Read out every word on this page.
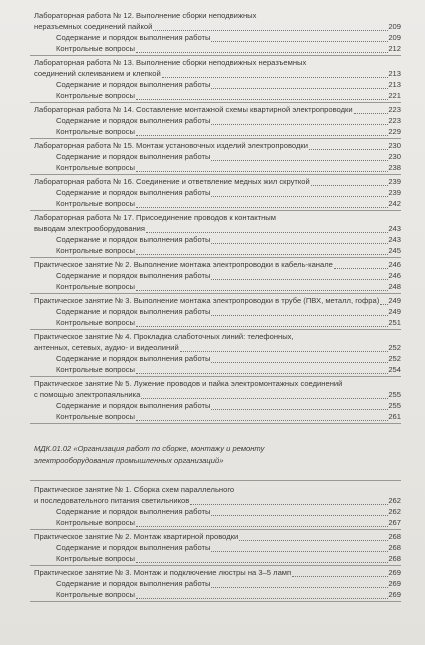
Лабораторная работа № 12. Выполнение сборки неподвижных
неразъемных соединений пайкой	209
Содержание и порядок выполнения работы	209
Контрольные вопросы	212
Лабораторная работа № 13. Выполнение сборки неподвижных неразъемных
соединений склеиванием и клепкой	213
Содержание и порядок выполнения работы	213
Контрольные вопросы	221
Лабораторная работа № 14. Составление монтажной схемы квартирной электропроводки	223
Содержание и порядок выполнения работы	223
Контрольные вопросы	229
Лабораторная работа № 15. Монтаж установочных изделий электропроводки	230
Содержание и порядок выполнения работы	230
Контрольные вопросы	238
Лабораторная работа № 16. Соединение и ответвление медных жил скруткой	239
Содержание и порядок выполнения работы	239
Контрольные вопросы	242
Лабораторная работа № 17. Присоединение проводов к контактным
выводам электрооборудования	243
Содержание и порядок выполнения работы	243
Контрольные вопросы	245
Практическое занятие № 2. Выполнение монтажа электропроводки в кабель-канале	246
Содержание и порядок выполнения работы	246
Контрольные вопросы	248
Практическое занятие № 3. Выполнение монтажа электропроводки в трубе (ПВХ, металл, гофра)	249
Содержание и порядок выполнения работы	249
Контрольные вопросы	251
Практическое занятие № 4. Прокладка слаботочных линий: телефонных,
антенных, сетевых, аудио- и видеолиний	252
Содержание и порядок выполнения работы	252
Контрольные вопросы	254
Практическое занятие № 5. Лужение проводов и пайка электромонтажных соединений
с помощью электропаяльника	255
Содержание и порядок выполнения работы	255
Контрольные вопросы	261
МДК.01.02 «Организация работ по сборке, монтажу и ремонту
электрооборудования промышленных организаций»
Практическое занятие № 1. Сборка схем параллельного
и последовательного питания светильников	262
Содержание и порядок выполнения работы	262
Контрольные вопросы	267
Практическое занятие № 2. Монтаж квартирной проводки	268
Содержание и порядок выполнения работы	268
Контрольные вопросы	268
Практическое занятие № 3. Монтаж и подключение люстры на 3–5 ламп	269
Содержание и порядок выполнения работы	269
Контрольные вопросы	269
